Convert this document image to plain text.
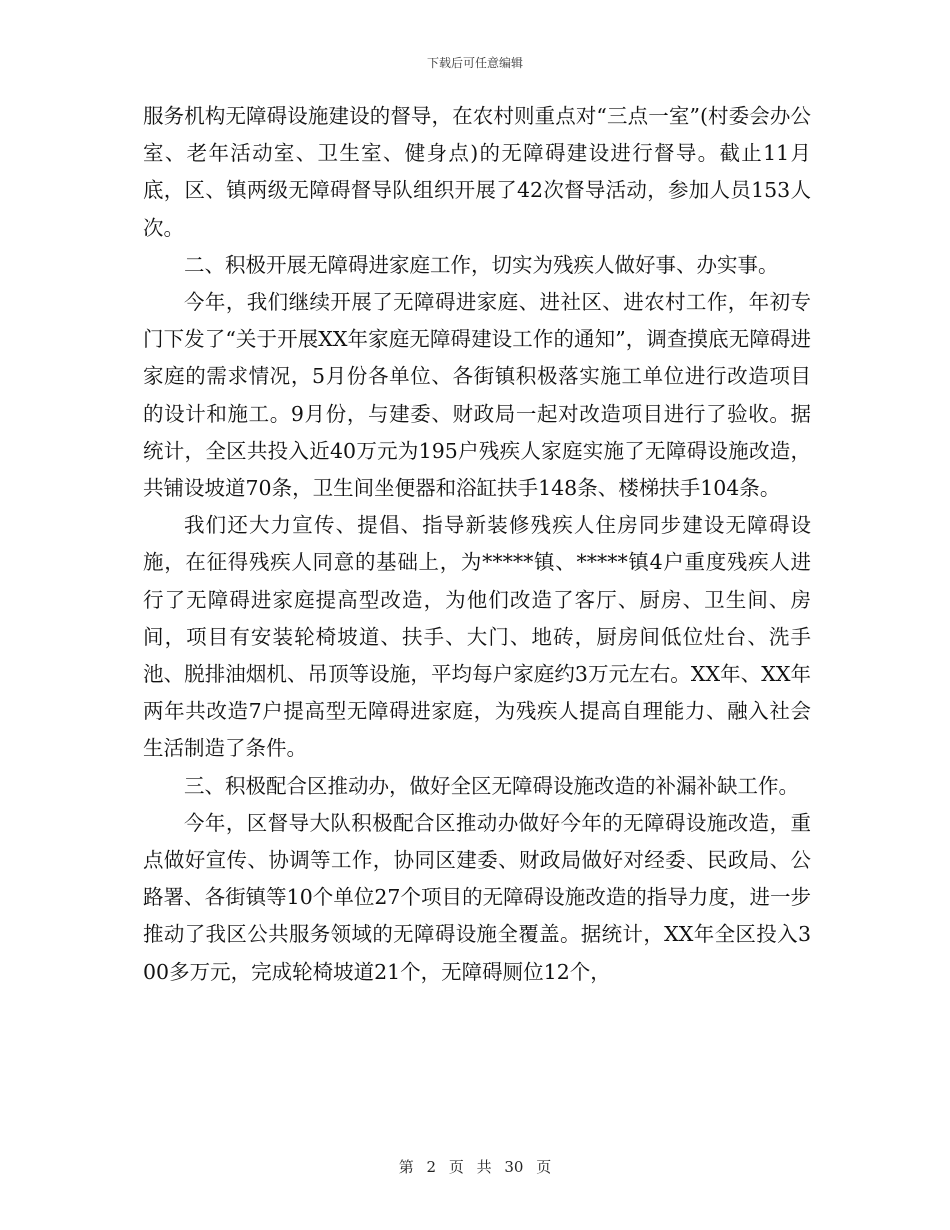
下载后可任意编辑

服务机构无障碍设施建设的督导，在农村则重点对“三点一室”(村委会办公室、老年活动室、卫生室、健身点)的无障碍建设进行督导。截止11月底，区、镇两级无障碍督导队组织开展了42次督导活动，参加人员153人次。

二、积极开展无障碍进家庭工作，切实为残疾人做好事、办实事。

今年，我们继续开展了无障碍进家庭、进社区、进农村工作，年初专门下发了“关于开展XX年家庭无障碍建设工作的通知”，调查摸底无障碍进家庭的需求情况，5月份各单位、各街镇积极落实施工单位进行改造项目的设计和施工。9月份，与建委、财政局一起对改造项目进行了验收。据统计，全区共投入近40万元为195户残疾人家庭实施了无障碍设施改造，共铺设坡道70条，卫生间坐便器和浴缸扶手148条、楼梯扶手104条。

我们还大力宣传、提倡、指导新装修残疾人住房同步建设无障碍设施，在征得残疾人同意的基础上，为*****镇、*****镇4户重度残疾人进行了无障碍进家庭提高型改造，为他们改造了客厅、厨房、卫生间、房间，项目有安装轮椅坡道、扶手、大门、地砖，厨房间低位灶台、洗手池、脱排油烟机、吊顶等设施，平均每户家庭约3万元左右。XX年、XX年两年共改造7户提高型无障碍进家庭，为残疾人提高自理能力、融入社会生活制造了条件。

三、积极配合区推动办，做好全区无障碍设施改造的补漏补缺工作。

今年，区督导大队积极配合区推动办做好今年的无障碍设施改造，重点做好宣传、协调等工作，协同区建委、财政局做好对经委、民政局、公路署、各街镇等10个单位27个项目的无障碍设施改造的指导力度，进一步推动了我区公共服务领域的无障碍设施全覆盖。据统计，XX年全区投入300多万元，完成轮椅坡道21个，无障碍厕位12个，

第 2 页 共 30 页
